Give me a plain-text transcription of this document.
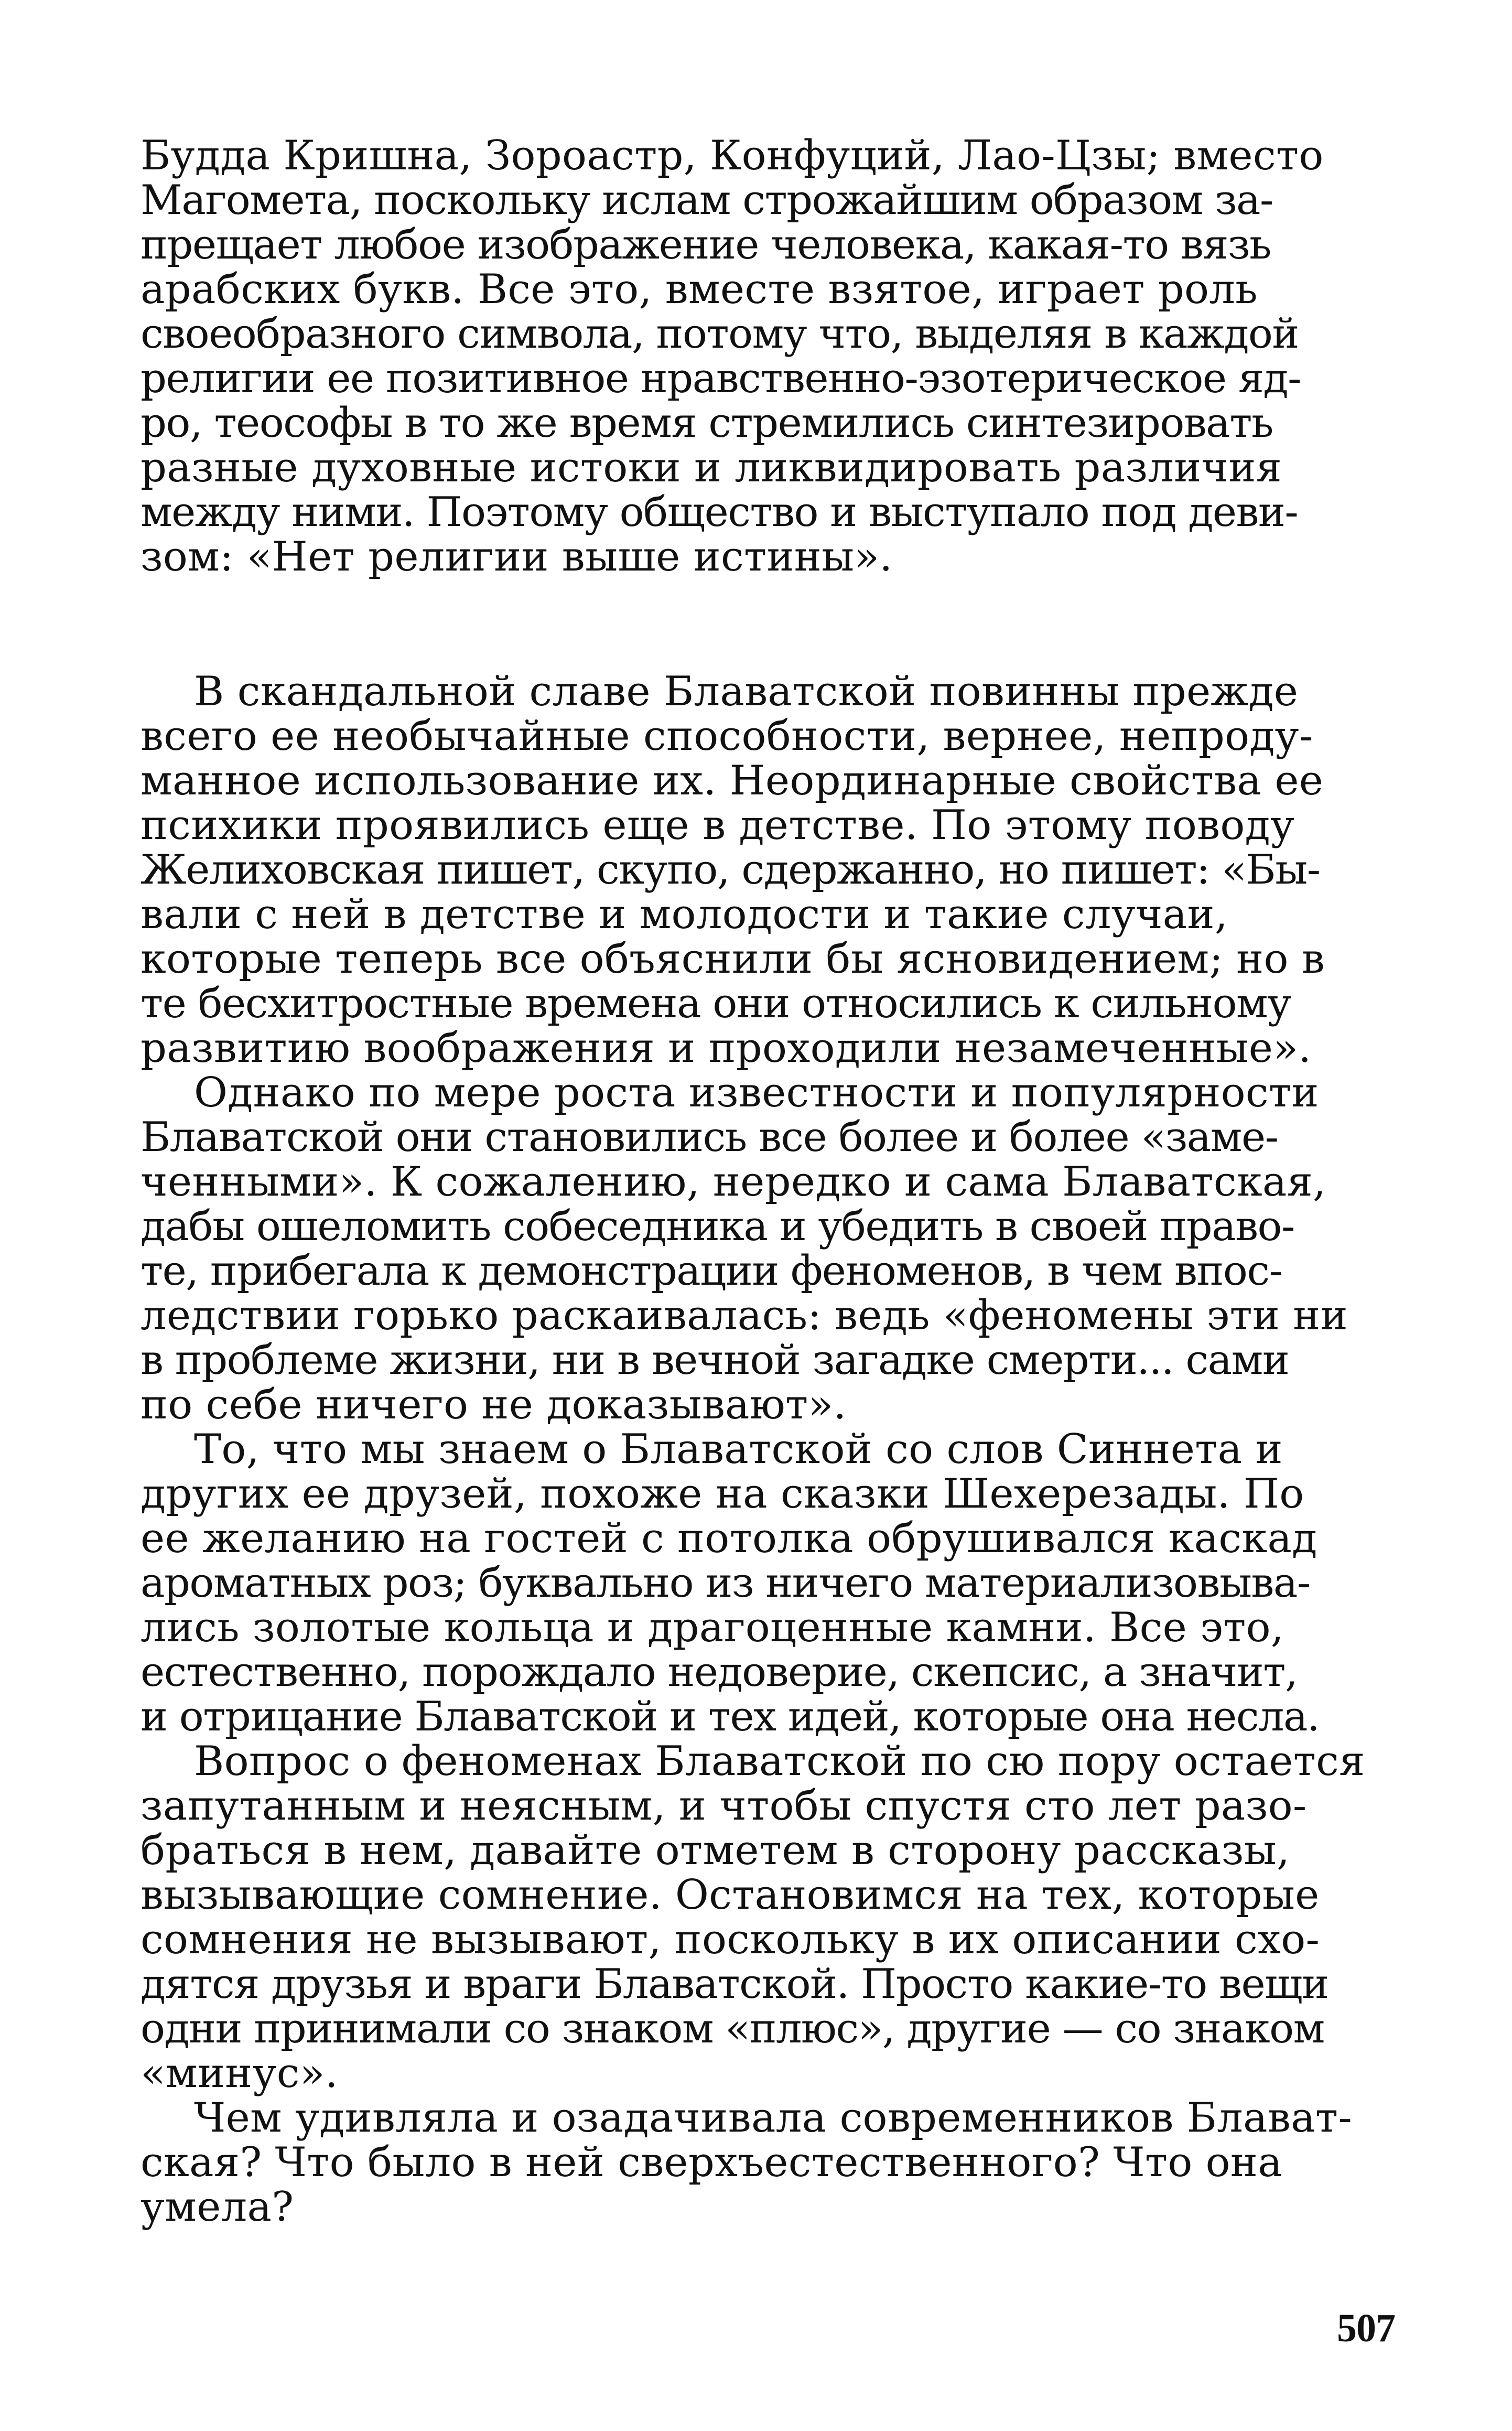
Будда Кришна, Зороастр, Конфуций, Лао-Цзы; вместо

Магомета, поскольку ислам строжайшим образом за-

прещает любое изображение человека, какая-то вязь

арабских букв. Все это, вместе взятое, играет роль

своеобразного символа, потому что, выделяя в каждой

религии ее позитивное нравственно-эзотерическое яд-

ро, теософы в то же время стремились синтезировать

разные духовные истоки и ликвидировать различия

между ними. Поэтому общество и выступало под деви-

зом: «Нет религии выше истины».

В скандальной славе Блаватской повинны прежде

всего ее необычайные способности, вернее, непроду-

манное использование их. Неординарные свойства ее

психики проявились еще в детстве. По этому поводу

Желиховская пишет, скупо, сдержанно, но пишет: «Бы-

вали с ней в детстве и молодости и такие случаи,

которые теперь все объяснили бы ясновидением; но в

те бесхитростные времена они относились к сильному

развитию воображения и проходили незамеченные».

Однако по мере роста известности и популярности

Блаватской они становились все более и более «заме-

ченными». К сожалению, нередко и сама Блаватская,

дабы ошеломить собеседника и убедить в своей право-

те, прибегала к демонстрации феноменов, в чем впос-

ледствии горько раскаивалась: ведь «феномены эти ни

в проблеме жизни, ни в вечной загадке смерти... сами

по себе ничего не доказывают».

То, что мы знаем о Блаватской со слов Синнета и

других ее друзей, похоже на сказки Шехерезады. По

ее желанию на гостей с потолка обрушивался каскад

ароматных роз; буквально из ничего материализовыва-

лись золотые кольца и драгоценные камни. Все это,

естественно, порождало недоверие, скепсис, а значит,

и отрицание Блаватской и тех идей, которые она несла.

Вопрос о феноменах Блаватской по сю пору остается

запутанным и неясным, и чтобы спустя сто лет разо-

браться в нем, давайте отметем в сторону рассказы,

вызывающие сомнение. Остановимся на тех, которые

сомнения не вызывают, поскольку в их описании схо-

дятся друзья и враги Блаватской. Просто какие-то вещи

одни принимали со знаком «плюс», другие — со знаком

«минус».

Чем удивляла и озадачивала современников Блават-

ская? Что было в ней сверхъестественного? Что она

умела?

507
